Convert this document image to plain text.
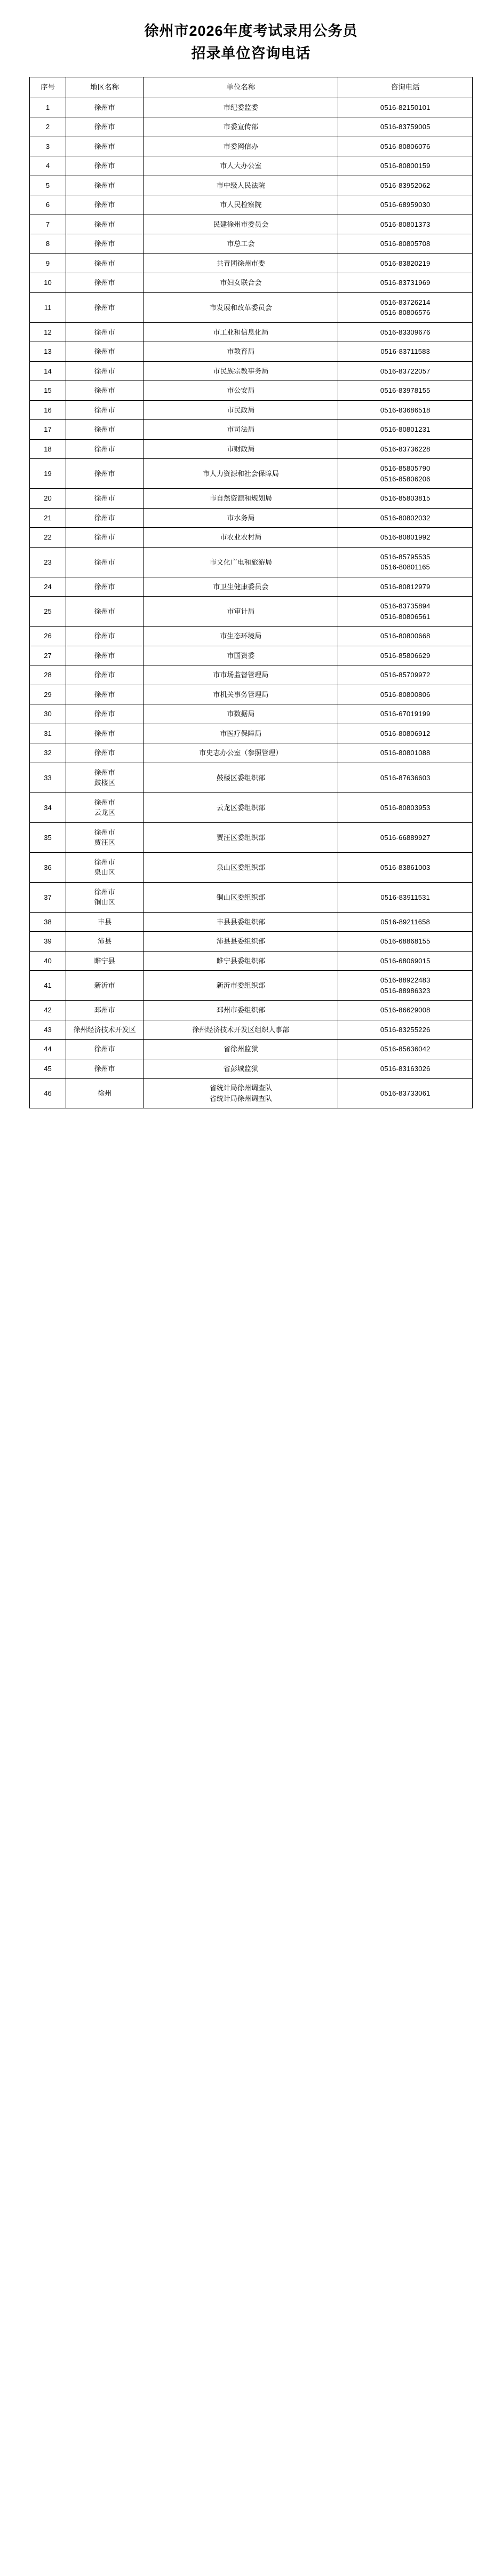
徐州市2026年度考试录用公务员
招录单位咨询电话
序号	地区名称	单位名称	咨询电话
1	徐州市	市纪委监委	0516-82150101

2	徐州市	市委宣传部	0516-83759005

3	徐州市	市委网信办	0516-80806076

4	徐州市	市人大办公室	0516-80800159

5	徐州市	市中级人民法院	0516-83952062

6	徐州市	市人民检察院	0516-68959030

7	徐州市	民建徐州市委员会	0516-80801373

8	徐州市	市总工会	0516-80805708

9	徐州市	共青团徐州市委	0516-83820219

10	徐州市	市妇女联合会	0516-83731969

11	徐州市	市发展和改革委员会	0516-83726214
0516-80806576

12	徐州市	市工业和信息化局	0516-83309676

13	徐州市	市教育局	0516-83711583

14	徐州市	市民族宗教事务局	0516-83722057

15	徐州市	市公安局	0516-83978155

16	徐州市	市民政局	0516-83686518

17	徐州市	市司法局	0516-80801231

18	徐州市	市财政局	0516-83736228

19	徐州市	市人力资源和社会保障局	0516-85805790
0516-85806206

20	徐州市	市自然资源和规划局	0516-85803815

21	徐州市	市水务局	0516-80802032

22	徐州市	市农业农村局	0516-80801992

23	徐州市	市文化广电和旅游局	0516-85795535
0516-80801165

24	徐州市	市卫生健康委员会	0516-80812979

25	徐州市	市审计局	0516-83735894
0516-80806561

26	徐州市	市生态环境局	0516-80800668

27	徐州市	市国资委	0516-85806629

28	徐州市	市市场监督管理局	0516-85709972

29	徐州市	市机关事务管理局	0516-80800806

30	徐州市	市数据局	0516-67019199

31	徐州市	市医疗保障局	0516-80806912

32	徐州市	市史志办公室（参照管理）	0516-80801088

33	徐州市
鼓楼区	鼓楼区委组织部	0516-87636603

34	徐州市
云龙区	云龙区委组织部	0516-80803953

35	徐州市
贾汪区	贾汪区委组织部	0516-66889927

36	徐州市
泉山区	泉山区委组织部	0516-83861003

37	徐州市
铜山区	铜山区委组织部	0516-83911531

38	丰县	丰县县委组织部	0516-89211658

39	沛县	沛县县委组织部	0516-68868155

40	睢宁县	睢宁县委组织部	0516-68069015

41	新沂市	新沂市委组织部	0516-88922483
0516-88986323

42	邳州市	邳州市委组织部	0516-86629008

43	徐州经济技术开发区	徐州经济技术开发区组织人事部	0516-83255226

44	徐州市	省徐州监狱	0516-85636042

45	徐州市	省彭城监狱	0516-83163026

46	徐州	省统计局徐州调查队
省统计局徐州调查队	0516-83733061
